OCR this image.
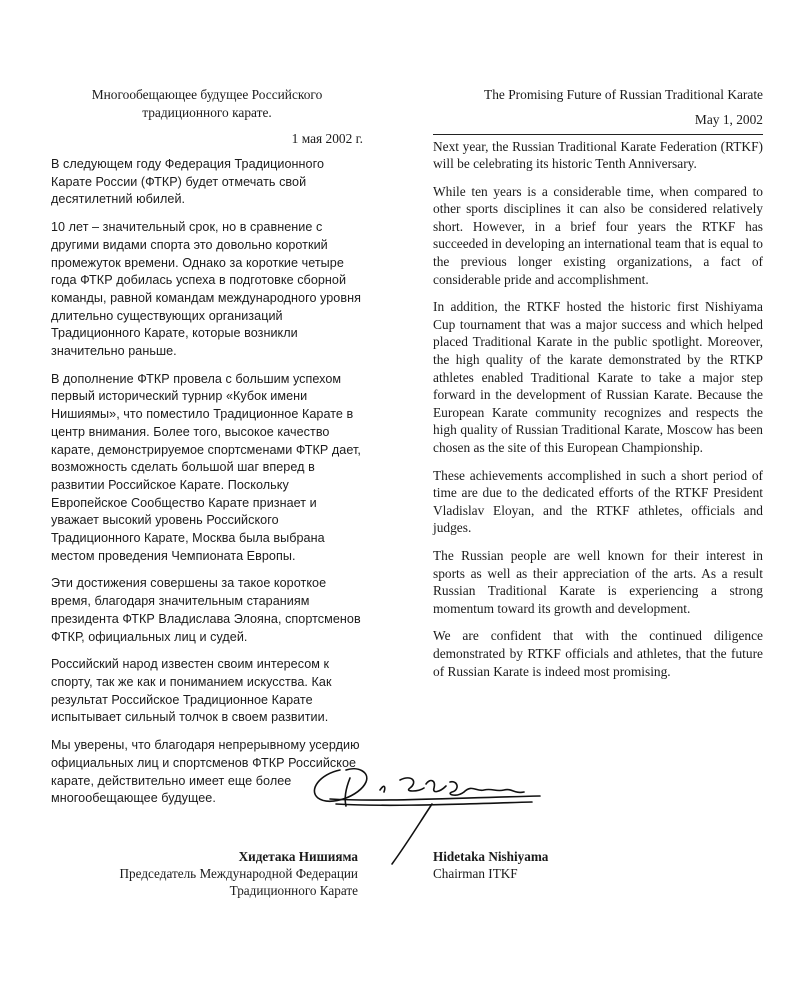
Многообещающее будущее Российского
традиционного карате.

1 мая 2002 г.

В следующем году Федерация Традиционного Карате России (ФТКР) будет отмечать свой десятилетний юбилей.

10 лет – значительный срок, но в сравнение с другими видами спорта это довольно короткий промежуток времени. Однако за короткие четыре года ФТКР добилась успеха в подготовке сборной команды, равной командам международного уровня длительно существующих организаций Традиционного Карате, которые возникли значительно раньше.

В дополнение ФТКР провела с большим успехом первый исторический турнир «Кубок имени Нишиямы», что поместило Традиционное Карате в центр внимания. Более того, высокое качество карате, демонстрируемое спортсменами ФТКР дает, возможность сделать большой шаг вперед в развитии Российское Карате. Поскольку Европейское Сообщество Карате признает и уважает высокий уровень Российского Традиционного Карате, Москва была выбрана местом проведения Чемпионата Европы.

Эти достижения совершены за такое короткое время, благодаря значительным стараниям президента ФТКР Владислава Элояна, спортсменов ФТКР, официальных лиц и судей.

Российский народ известен своим интересом к спорту, так же как и пониманием искусства. Как результат Российское Традиционное Карате испытывает сильный толчок в своем развитии.

Мы уверены, что благодаря непрерывному усердию официальных лиц и спортсменов ФТКР Российское карате, действительно имеет еще более многообещающее будущее.

The Promising Future of Russian Traditional Karate

May 1, 2002

Next year, the Russian Traditional Karate Federation (RTKF) will be celebrating its historic Tenth Anniversary.

While ten years is a considerable time, when compared to other sports disciplines it can also be considered relatively short. However, in a brief four years the RTKF has succeeded in developing an international team that is equal to the previous longer existing organizations, a fact of considerable pride and accomplishment.

In addition, the RTKF hosted the historic first Nishiyama Cup tournament that was a major success and which helped placed Traditional Karate in the public spotlight. Moreover, the high quality of the karate demonstrated by the RTKP athletes enabled Traditional Karate to take a major step forward in the development of Russian Karate. Because the European Karate community recognizes and respects the high quality of Russian Traditional Karate, Moscow has been chosen as the site of this European Championship.

These achievements accomplished in such a short period of time are due to the dedicated efforts of the RTKF President Vladislav Eloyan, and the RTKF athletes, officials and judges.

The Russian people are well known for their interest in sports as well as their appreciation of the arts. As a result Russian Traditional Karate is experiencing a strong momentum toward its growth and development.

We are confident that with the continued diligence demonstrated by RTKF officials and athletes, that the future of Russian Karate is indeed most promising.

Хидетака Нишияма
Председатель Международной Федерации
Традиционного Карате
Hidetaka Nishiyama
Chairman ITKF
